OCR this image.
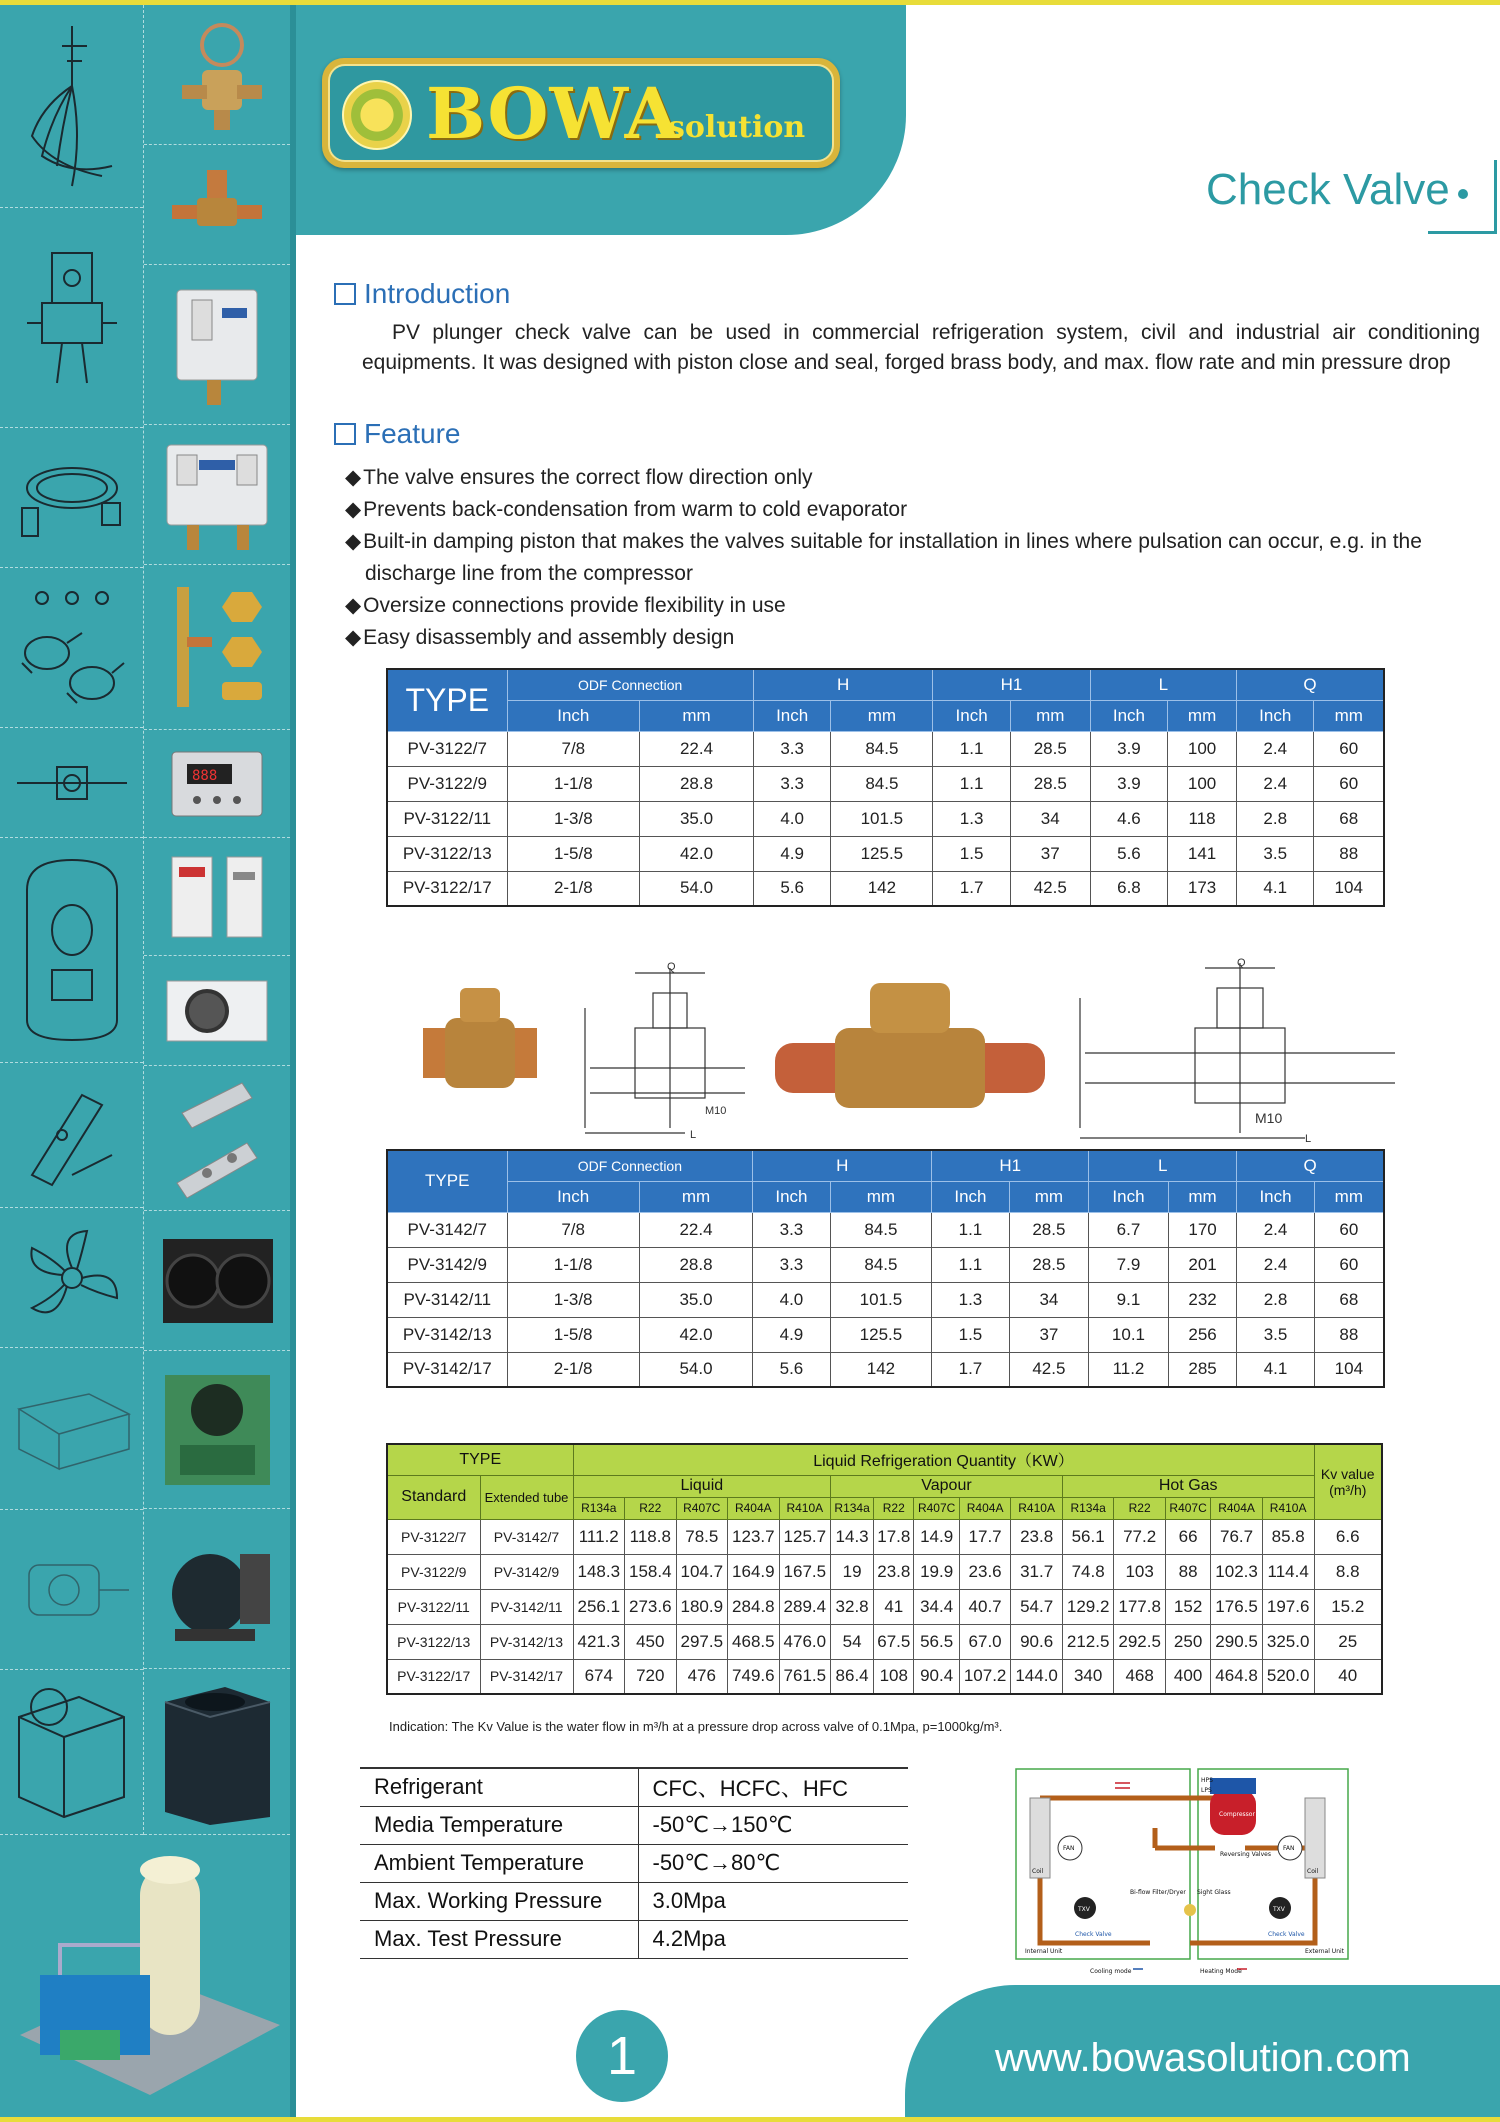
888
BOWA
solution
Check Valve
Introduction

PV plunger check valve can be used in commercial refrigeration system, civil and industrial air conditioning equipments. It was designed with piston close and seal, forged brass body, and max. flow rate and min pressure drop

Feature
◆ The valve ensures the correct flow direction only
◆ Prevents back-condensation from warm to cold evaporator
◆ Built-in damping piston that makes the valves suitable for installation in lines where pulsation can occur, e.g. in the discharge line from the compressor
◆ Oversize connections provide flexibility in use
◆ Easy disassembly and assembly design
TYPE	ODF Connection		H		H1		L		Q	
	Inch	mm	Inch	mm	Inch	mm	Inch	mm	Inch	mm
PV-3122/7	7/8	22.4	3.3	84.5	1.1	28.5	3.9	100	2.4	60
PV-3122/9	1-1/8	28.8	3.3	84.5	1.1	28.5	3.9	100	2.4	60
PV-3122/11	1-3/8	35.0	4.0	101.5	1.3	34	4.6	118	2.8	68
PV-3122/13	1-5/8	42.0	4.9	125.5	1.5	37	5.6	141	3.5	88
PV-3122/17	2-1/8	54.0	5.6	142	1.7	42.5	6.8	173	4.1	104
Q
M10
L
Q
M10
L
TYPE	ODF Connection		H		H1		L		Q	
	Inch	mm	Inch	mm	Inch	mm	Inch	mm	Inch	mm
PV-3142/7	7/8	22.4	3.3	84.5	1.1	28.5	6.7	170	2.4	60
PV-3142/9	1-1/8	28.8	3.3	84.5	1.1	28.5	7.9	201	2.4	60
PV-3142/11	1-3/8	35.0	4.0	101.5	1.3	34	9.1	232	2.8	68
PV-3142/13	1-5/8	42.0	4.9	125.5	1.5	37	10.1	256	3.5	88
PV-3142/17	2-1/8	54.0	5.6	142	1.7	42.5	11.2	285	4.1	104
TYPE		Liquid Refrigeration Quantity（KW）															Kv value (m³/h)
Standard	Extended tube	Liquid					Vapour					Hot Gas					
		R134a	R22	R407C	R404A	R410A	R134a	R22	R407C	R404A	R410A	R134a	R22	R407C	R404A	R410A	
PV-3122/7	PV-3142/7	111.2	118.8	78.5	123.7	125.7	14.3	17.8	14.9	17.7	23.8	56.1	77.2	66	76.7	85.8	6.6
PV-3122/9	PV-3142/9	148.3	158.4	104.7	164.9	167.5	19	23.8	19.9	23.6	31.7	74.8	103	88	102.3	114.4	8.8
PV-3122/11	PV-3142/11	256.1	273.6	180.9	284.8	289.4	32.8	41	34.4	40.7	54.7	129.2	177.8	152	176.5	197.6	15.2
PV-3122/13	PV-3142/13	421.3	450	297.5	468.5	476.0	54	67.5	56.5	67.0	90.6	212.5	292.5	250	290.5	325.0	25
PV-3122/17	PV-3142/17	674	720	476	749.6	761.5	86.4	108	90.4	107.2	144.0	340	468	400	464.8	520.0	40
Indication: The Kv Value is the water flow in m³/h at a pressure drop across valve of 0.1Mpa, p=1000kg/m³.
Refrigerant	CFC、HCFC、HFC
Media Temperature	-50℃→150℃
Ambient Temperature	-50℃→80℃
Max. Working Pressure	3.0Mpa
Max. Test Pressure	4.2Mpa
Compressor
Reversing Valves
FAN	FAN
Coil	Coil
TXV	TXV
Check Valve	Check Valve
Bi-flow Filter/Dryer Sight Glass
Internal Unit	External Unit
Cooling mode	Heating Mode
HPS
LPS
1	www.bowasolution.com
